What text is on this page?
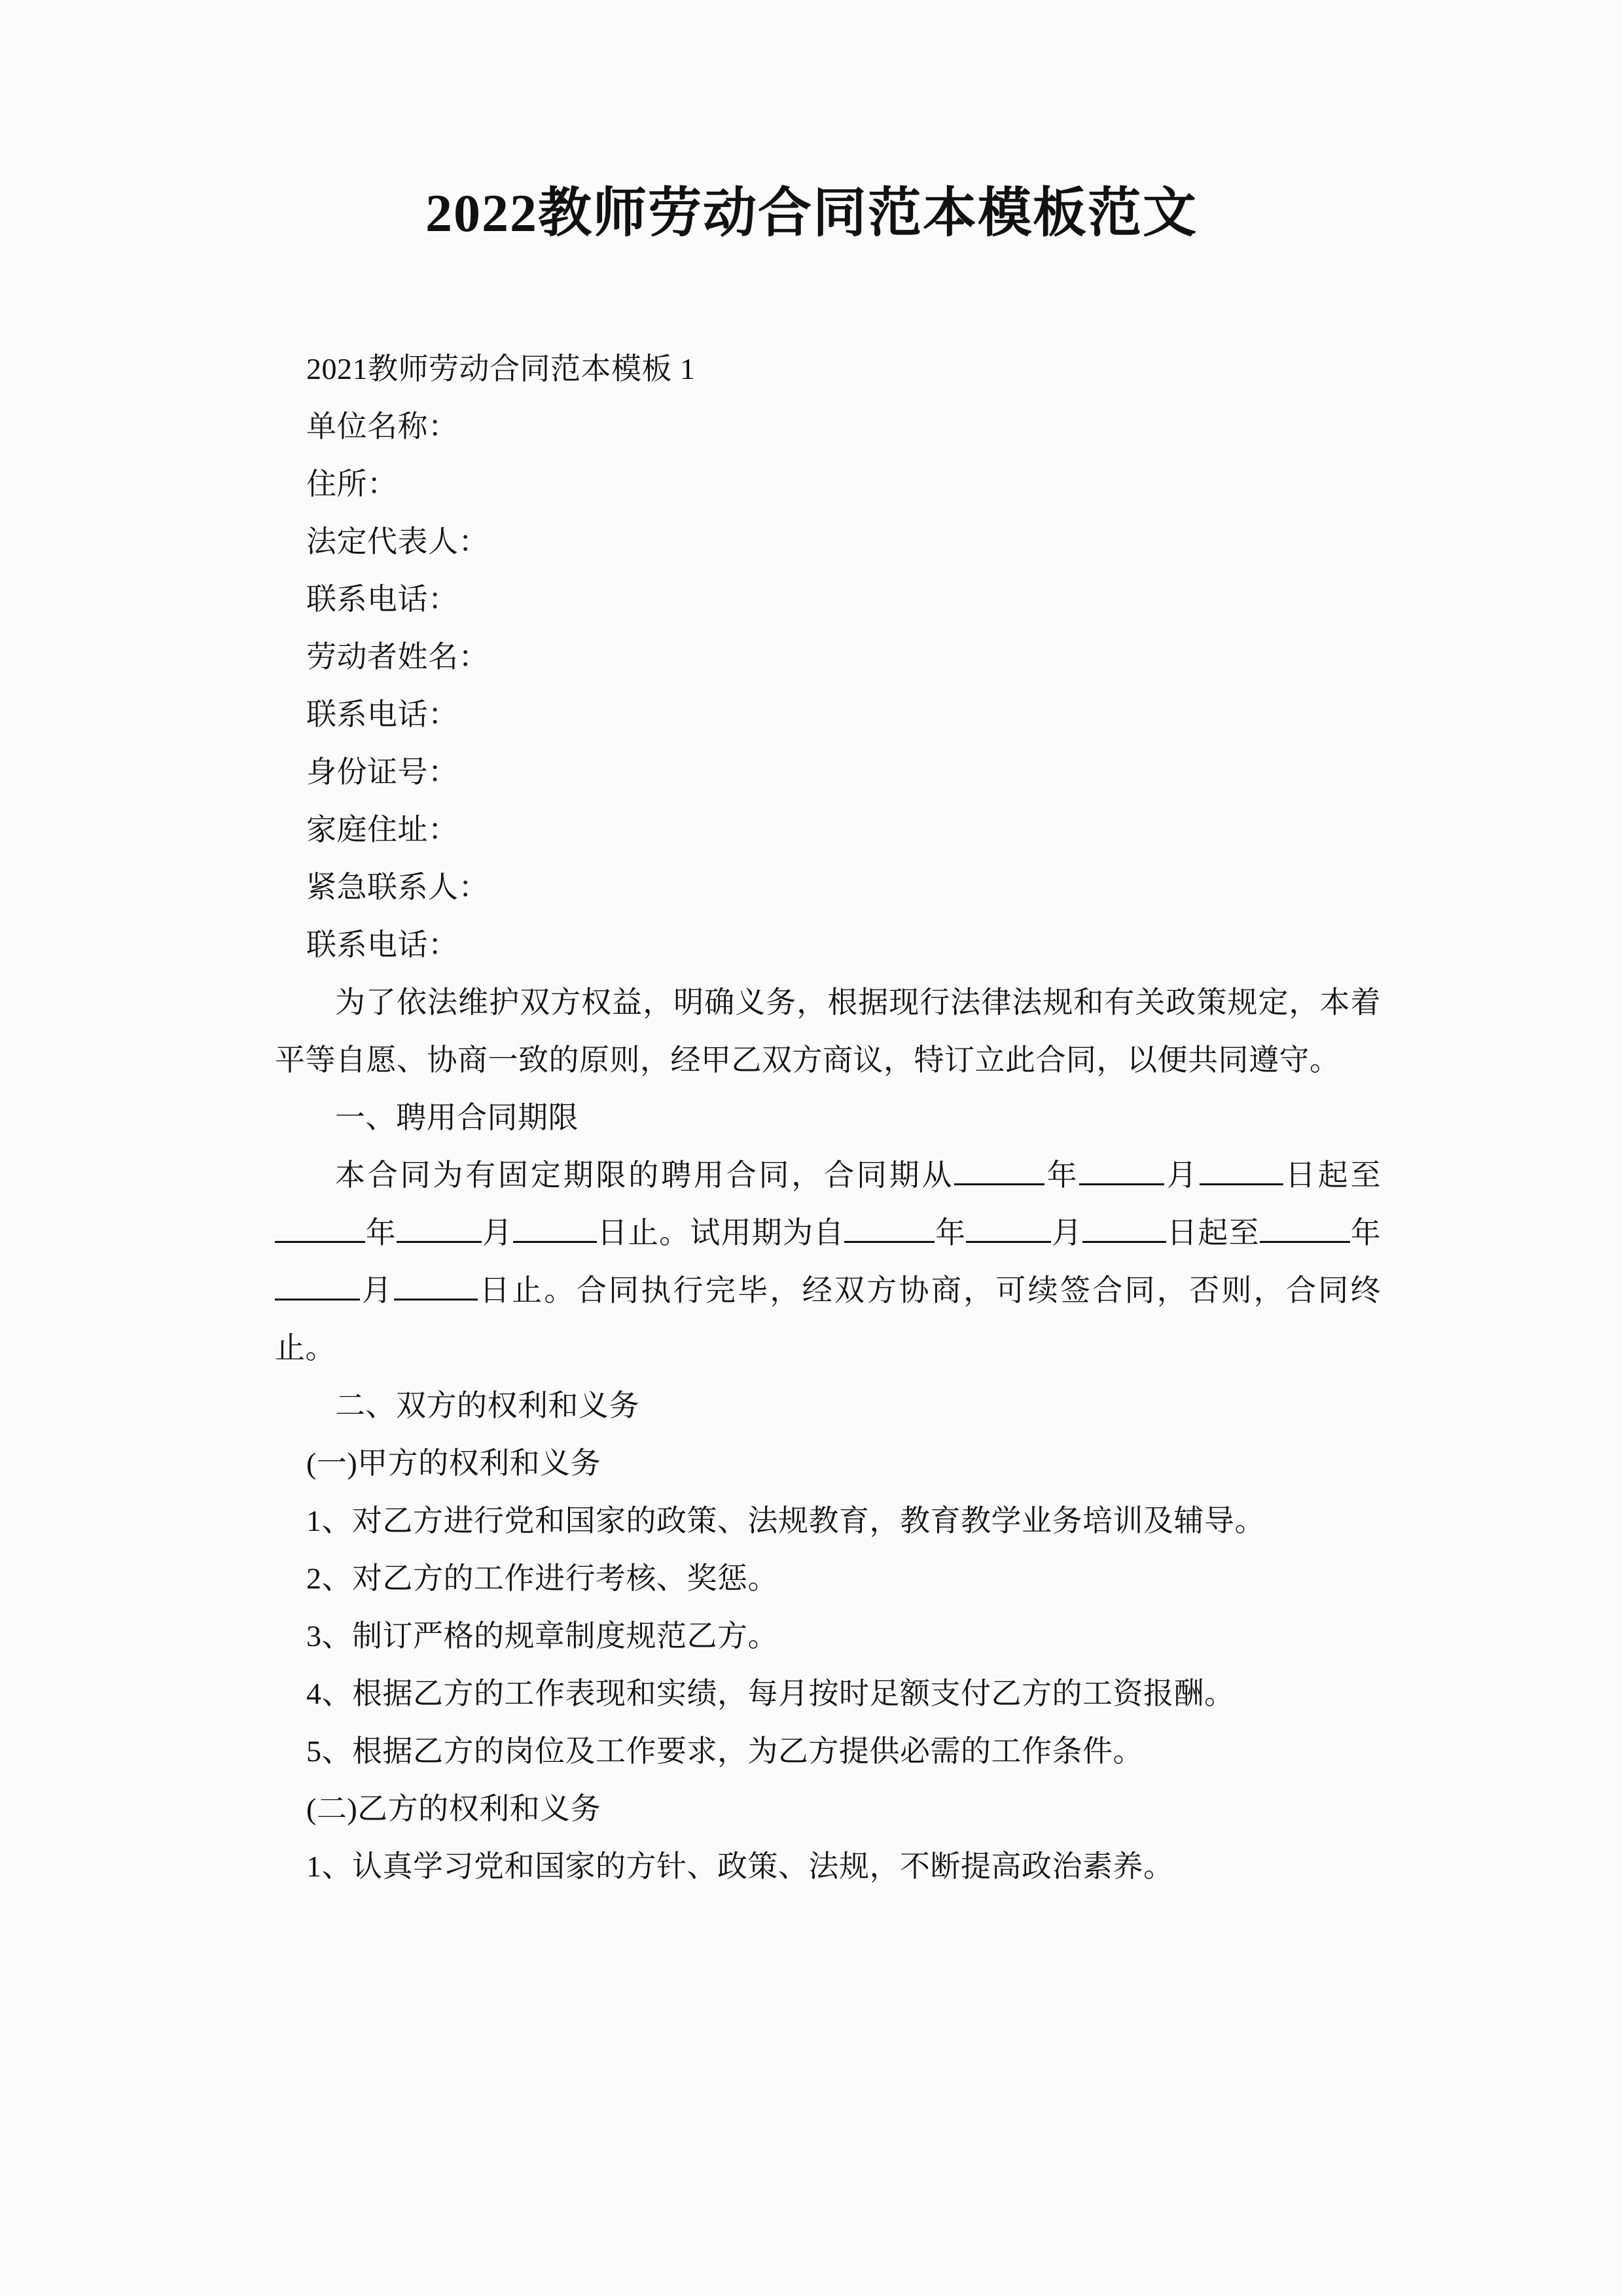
2022教师劳动合同范本模板范文

2021教师劳动合同范本模板 1

单位名称：

住所：

法定代表人：

联系电话：

劳动者姓名：

联系电话：

身份证号：

家庭住址：

紧急联系人：

联系电话：

为了依法维护双方权益，明确义务，根据现行法律法规和有关政策规定，本着平等自愿、协商一致的原则，经甲乙双方商议，特订立此合同，以便共同遵守。

一、聘用合同期限

本合同为有固定期限的聘用合同，合同期从	年	月	日起至年	月	日止。试用期为自	年	月	日起至	年月	日止。合同执行完毕，经双方协商，可续签合同，否则，合同终止。

二、双方的权利和义务

(一)甲方的权利和义务

1、对乙方进行党和国家的政策、法规教育，教育教学业务培训及辅导。

2、对乙方的工作进行考核、奖惩。

3、制订严格的规章制度规范乙方。

4、根据乙方的工作表现和实绩，每月按时足额支付乙方的工资报酬。

5、根据乙方的岗位及工作要求，为乙方提供必需的工作条件。

(二)乙方的权利和义务

1、认真学习党和国家的方针、政策、法规，不断提高政治素养。
